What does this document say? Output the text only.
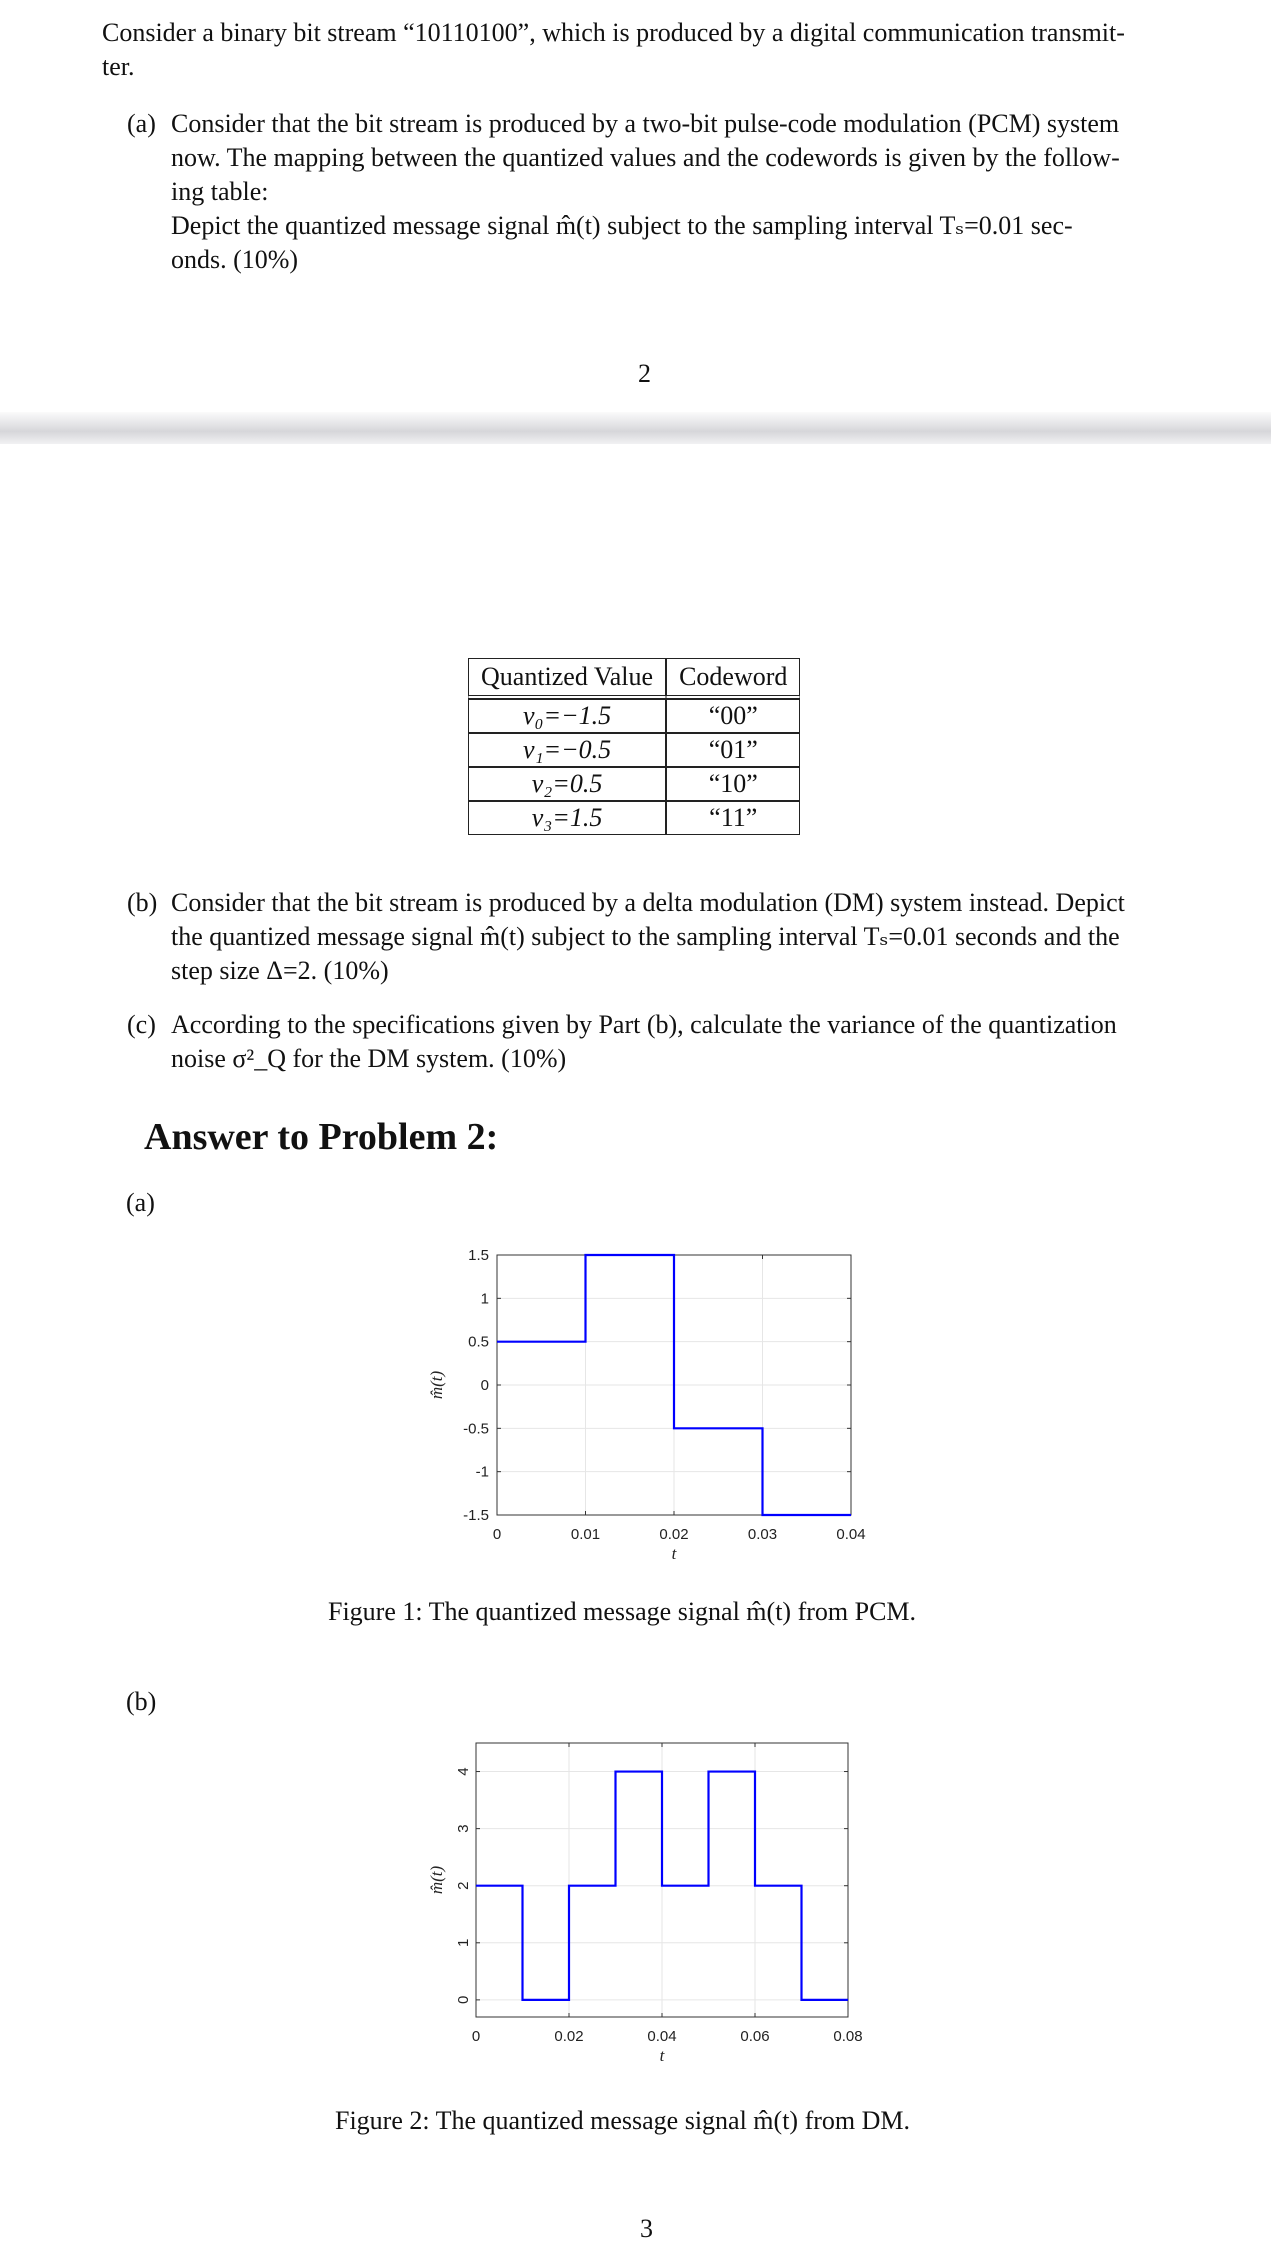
Consider a binary bit stream “10110100”, which is produced by a digital communication transmit-
ter.
(a) Consider that the bit stream is produced by a two-bit pulse-code modulation (PCM) system
now. The mapping between the quantized values and the codewords is given by the follow-
ing table:
Depict the quantized message signal m̂(t) subject to the sampling interval Tₛ=0.01 sec-
onds. (10%)
2
Quantized Value	Codeword
ν₀=−1.5	“00”
ν₁=−0.5	“01”
ν₂=0.5	“10”
ν₃=1.5	“11”
(b) Consider that the bit stream is produced by a delta modulation (DM) system instead. Depict
the quantized message signal m̂(t) subject to the sampling interval Tₛ=0.01 seconds and the
step size Δ=2. (10%)
(c) According to the specifications given by Part (b), calculate the variance of the quantization
noise σ²_Q for the DM system. (10%)
Answer to Problem 2:
(a)
0	0.01	0.02	0.03	0.04
1.5
1
0.5
0
-0.5
-1
-1.5
t
m̂(t)
Figure 1: The quantized message signal m̂(t) from PCM.
(b)
0	0.02	0.04	0.06	0.08
4
3
2
1
0
t
m̂(t)
Figure 2: The quantized message signal m̂(t) from DM.
3
